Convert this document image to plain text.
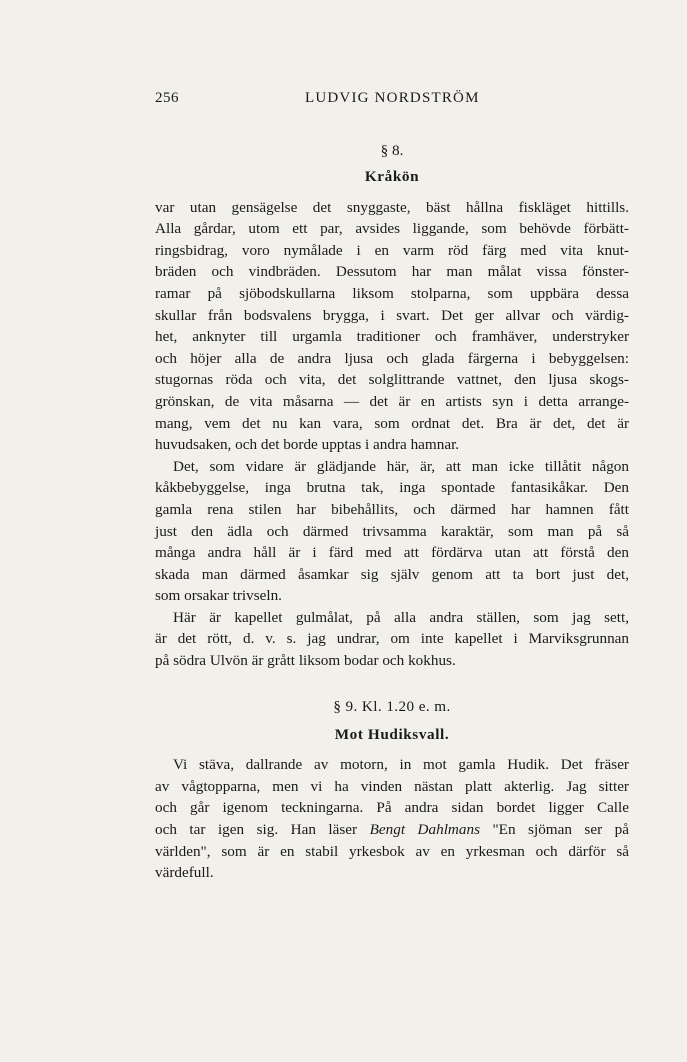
256	LUDVIG NORDSTRÖM

§ 8.

Kråkön

var utan gensägelse det snyggaste, bäst hållna fiskläget hittills.
Alla gårdar, utom ett par, avsides liggande, som behövde förbätt-
ringsbidrag, voro nymålade i en varm röd färg med vita knut-
bräden och vindbräden. Dessutom har man målat vissa fönster-
ramar på sjöbodskullarna liksom stolparna, som uppbära dessa
skullar från bodsvalens brygga, i svart. Det ger allvar och värdig-
het, anknyter till urgamla traditioner och framhäver, understryker
och höjer alla de andra ljusa och glada färgerna i bebyggelsen:
stugornas röda och vita, det solglittrande vattnet, den ljusa skogs-
grönskan, de vita måsarna — det är en artists syn i detta arrange-
mang, vem det nu kan vara, som ordnat det. Bra är det, det är
huvudsaken, och det borde upptas i andra hamnar.
Det, som vidare är glädjande här, är, att man icke tillåtit någon
kåkbebyggelse, inga brutna tak, inga spontade fantasikåkar. Den
gamla rena stilen har bibehållits, och därmed har hamnen fått
just den ädla och därmed trivsamma karaktär, som man på så
många andra håll är i färd med att fördärva utan att förstå den
skada man därmed åsamkar sig själv genom att ta bort just det,
som orsakar trivseln.
Här är kapellet gulmålat, på alla andra ställen, som jag sett,
är det rött, d. v. s. jag undrar, om inte kapellet i Marviksgrunnan
på södra Ulvön är grått liksom bodar och kokhus.

§ 9. Kl. 1.20 e. m.

Mot Hudiksvall.

Vi stäva, dallrande av motorn, in mot gamla Hudik. Det fräser
av vågtopparna, men vi ha vinden nästan platt akterlig. Jag sitter
och går igenom teckningarna. På andra sidan bordet ligger Calle
och tar igen sig. Han läser Bengt Dahlmans "En sjöman ser på
världen", som är en stabil yrkesbok av en yrkesman och därför så
värdefull.
